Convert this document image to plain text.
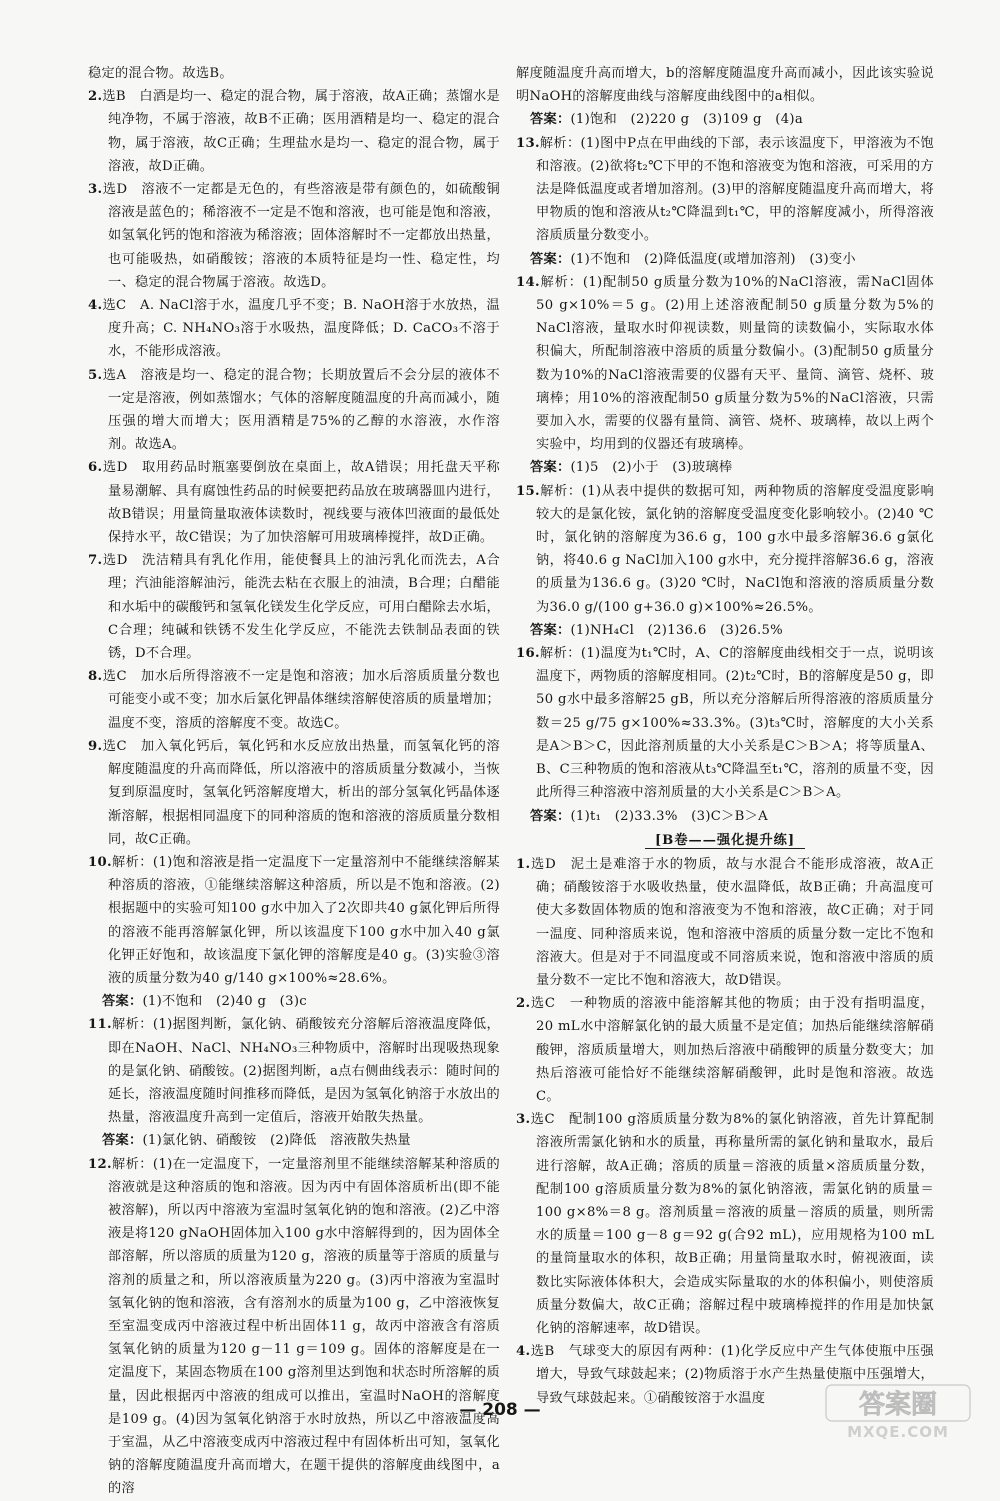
稳定的混合物。故选B。
2.选B　白酒是均一、稳定的混合物，属于溶液，故A正确；蒸馏水是纯净物，不属于溶液，故B不正确；医用酒精是均一、稳定的混合物，属于溶液，故C正确；生理盐水是均一、稳定的混合物，属于溶液，故D正确。
3.选D　溶液不一定都是无色的，有些溶液是带有颜色的，如硫酸铜溶液是蓝色的；稀溶液不一定是不饱和溶液，也可能是饱和溶液，如氢氧化钙的饱和溶液为稀溶液；固体溶解时不一定都放出热量，也可能吸热，如硝酸铵；溶液的本质特征是均一性、稳定性，均一、稳定的混合物属于溶液。故选D。
4.选C　A. NaCl溶于水，温度几乎不变；B. NaOH溶于水放热，温度升高；C. NH₄NO₃溶于水吸热，温度降低；D. CaCO₃不溶于水，不能形成溶液。
5.选A　溶液是均一、稳定的混合物；长期放置后不会分层的液体不一定是溶液，例如蒸馏水；气体的溶解度随温度的升高而减小，随压强的增大而增大；医用酒精是75%的乙醇的水溶液，水作溶剂。故选A。
6.选D　取用药品时瓶塞要倒放在桌面上，故A错误；用托盘天平称量易潮解、具有腐蚀性药品的时候要把药品放在玻璃器皿内进行，故B错误；用量筒量取液体读数时，视线要与液体凹液面的最低处保持水平，故C错误；为了加快溶解可用玻璃棒搅拌，故D正确。
7.选D　洗洁精具有乳化作用，能使餐具上的油污乳化而洗去，A合理；汽油能溶解油污，能洗去粘在衣服上的油渍，B合理；白醋能和水垢中的碳酸钙和氢氧化镁发生化学反应，可用白醋除去水垢，C合理；纯碱和铁锈不发生化学反应，不能洗去铁制品表面的铁锈，D不合理。
8.选C　加水后所得溶液不一定是饱和溶液；加水后溶质质量分数也可能变小或不变；加水后氯化钾晶体继续溶解使溶质的质量增加；温度不变，溶质的溶解度不变。故选C。
9.选C　加入氧化钙后，氧化钙和水反应放出热量，而氢氧化钙的溶解度随温度的升高而降低，所以溶液中的溶质质量分数减小，当恢复到原温度时，氢氧化钙溶解度增大，析出的部分氢氧化钙晶体逐渐溶解，根据相同温度下的同种溶质的饱和溶液的溶质质量分数相同，故C正确。
10.解析：(1)饱和溶液是指一定温度下一定量溶剂中不能继续溶解某种溶质的溶液，①能继续溶解这种溶质，所以是不饱和溶液。(2)根据题中的实验可知100 g水中加入了2次即共40 g氯化钾后所得的溶液不能再溶解氯化钾，所以该温度下100 g水中加入40 g氯化钾正好饱和，故该温度下氯化钾的溶解度是40 g。(3)实验③溶液的质量分数为40 g/140 g×100%≈28.6%。
答案：(1)不饱和　(2)40 g　(3)c
11.解析：(1)据图判断，氯化钠、硝酸铵充分溶解后溶液温度降低，即在NaOH、NaCl、NH₄NO₃三种物质中，溶解时出现吸热现象的是氯化钠、硝酸铵。(2)据图判断，a点右侧曲线表示：随时间的延长，溶液温度随时间推移而降低，是因为氢氧化钠溶于水放出的热量，溶液温度升高到一定值后，溶液开始散失热量。
答案：(1)氯化钠、硝酸铵　(2)降低　溶液散失热量
12.解析：(1)在一定温度下，一定量溶剂里不能继续溶解某种溶质的溶液就是这种溶质的饱和溶液。因为丙中有固体溶质析出(即不能被溶解)，所以丙中溶液为室温时氢氧化钠的饱和溶液。(2)乙中溶液是将120 gNaOH固体加入100 g水中溶解得到的，因为固体全部溶解，所以溶质的质量为120 g，溶液的质量等于溶质的质量与溶剂的质量之和，所以溶液质量为220 g。(3)丙中溶液为室温时氢氧化钠的饱和溶液，含有溶剂水的质量为100 g，乙中溶液恢复至室温变成丙中溶液过程中析出固体11 g，故丙中溶液含有溶质氢氧化钠的质量为120 g－11 g＝109 g。固体的溶解度是在一定温度下，某固态物质在100 g溶剂里达到饱和状态时所溶解的质量，因此根据丙中溶液的组成可以推出，室温时NaOH的溶解度是109 g。(4)因为氢氧化钠溶于水时放热，所以乙中溶液温度高于室温，从乙中溶液变成丙中溶液过程中有固体析出可知，氢氧化钠的溶解度随温度升高而增大，在题干提供的溶解度曲线图中，a的溶
解度随温度升高而增大，b的溶解度随温度升高而减小，因此该实验说明NaOH的溶解度曲线与溶解度曲线图中的a相似。
答案：(1)饱和　(2)220 g　(3)109 g　(4)a
13.解析：(1)图中P点在甲曲线的下部，表示该温度下，甲溶液为不饱和溶液。(2)欲将t₂℃下甲的不饱和溶液变为饱和溶液，可采用的方法是降低温度或者增加溶剂。(3)甲的溶解度随温度升高而增大，将甲物质的饱和溶液从t₂℃降温到t₁℃，甲的溶解度减小，所得溶液溶质质量分数变小。
答案：(1)不饱和　(2)降低温度(或增加溶剂)　(3)变小
14.解析：(1)配制50 g质量分数为10%的NaCl溶液，需NaCl固体50 g×10%＝5 g。(2)用上述溶液配制50 g质量分数为5%的NaCl溶液，量取水时仰视读数，则量筒的读数偏小，实际取水体积偏大，所配制溶液中溶质的质量分数偏小。(3)配制50 g质量分数为10%的NaCl溶液需要的仪器有天平、量筒、滴管、烧杯、玻璃棒；用10%的溶液配制50 g质量分数为5%的NaCl溶液，只需要加入水，需要的仪器有量筒、滴管、烧杯、玻璃棒，故以上两个实验中，均用到的仪器还有玻璃棒。
答案：(1)5　(2)小于　(3)玻璃棒
15.解析：(1)从表中提供的数据可知，两种物质的溶解度受温度影响较大的是氯化铵，氯化钠的溶解度受温度变化影响较小。(2)40 ℃时，氯化钠的溶解度为36.6 g，100 g水中最多溶解36.6 g氯化钠，将40.6 g NaCl加入100 g水中，充分搅拌溶解36.6 g，溶液的质量为136.6 g。(3)20 ℃时，NaCl饱和溶液的溶质质量分数为36.0 g/(100 g+36.0 g)×100%≈26.5%。
答案：(1)NH₄Cl　(2)136.6　(3)26.5%
16.解析：(1)温度为t₁℃时，A、C的溶解度曲线相交于一点，说明该温度下，两物质的溶解度相同。(2)t₂℃时，B的溶解度是50 g，即50 g水中最多溶解25 gB，所以充分溶解后所得溶液的溶质质量分数＝25 g/75 g×100%≈33.3%。(3)t₃℃时，溶解度的大小关系是A＞B＞C，因此溶剂质量的大小关系是C＞B＞A；将等质量A、B、C三种物质的饱和溶液从t₃℃降温至t₁℃，溶剂的质量不变，因此所得三种溶液中溶剂质量的大小关系是C＞B＞A。
答案：(1)t₁　(2)33.3%　(3)C＞B＞A
[B卷——强化提升练]
1.选D　泥土是难溶于水的物质，故与水混合不能形成溶液，故A正确；硝酸铵溶于水吸收热量，使水温降低，故B正确；升高温度可使大多数固体物质的饱和溶液变为不饱和溶液，故C正确；对于同一温度、同种溶质来说，饱和溶液中溶质的质量分数一定比不饱和溶液大。但是对于不同温度或不同溶质来说，饱和溶液中溶质的质量分数不一定比不饱和溶液大，故D错误。
2.选C　一种物质的溶液中能溶解其他的物质；由于没有指明温度，20 mL水中溶解氯化钠的最大质量不是定值；加热后能继续溶解硝酸钾，溶质质量增大，则加热后溶液中硝酸钾的质量分数变大；加热后溶液可能恰好不能继续溶解硝酸钾，此时是饱和溶液。故选C。
3.选C　配制100 g溶质质量分数为8%的氯化钠溶液，首先计算配制溶液所需氯化钠和水的质量，再称量所需的氯化钠和量取水，最后进行溶解，故A正确；溶质的质量＝溶液的质量×溶质质量分数，配制100 g溶质质量分数为8%的氯化钠溶液，需氯化钠的质量＝100 g×8%＝8 g。溶剂质量＝溶液的质量－溶质的质量，则所需水的质量＝100 g－8 g＝92 g(合92 mL)，应用规格为100 mL的量筒量取水的体积，故B正确；用量筒量取水时，俯视液面，读数比实际液体体积大，会造成实际量取的水的体积偏小，则使溶质质量分数偏大，故C正确；溶解过程中玻璃棒搅拌的作用是加快氯化钠的溶解速率，故D错误。
4.选B　气球变大的原因有两种：(1)化学反应中产生气体使瓶中压强增大，导致气球鼓起来；(2)物质溶于水产生热量使瓶中压强增大，导致气球鼓起来。①硝酸铵溶于水温度
— 208 —	答案圈
MXQE.COM
